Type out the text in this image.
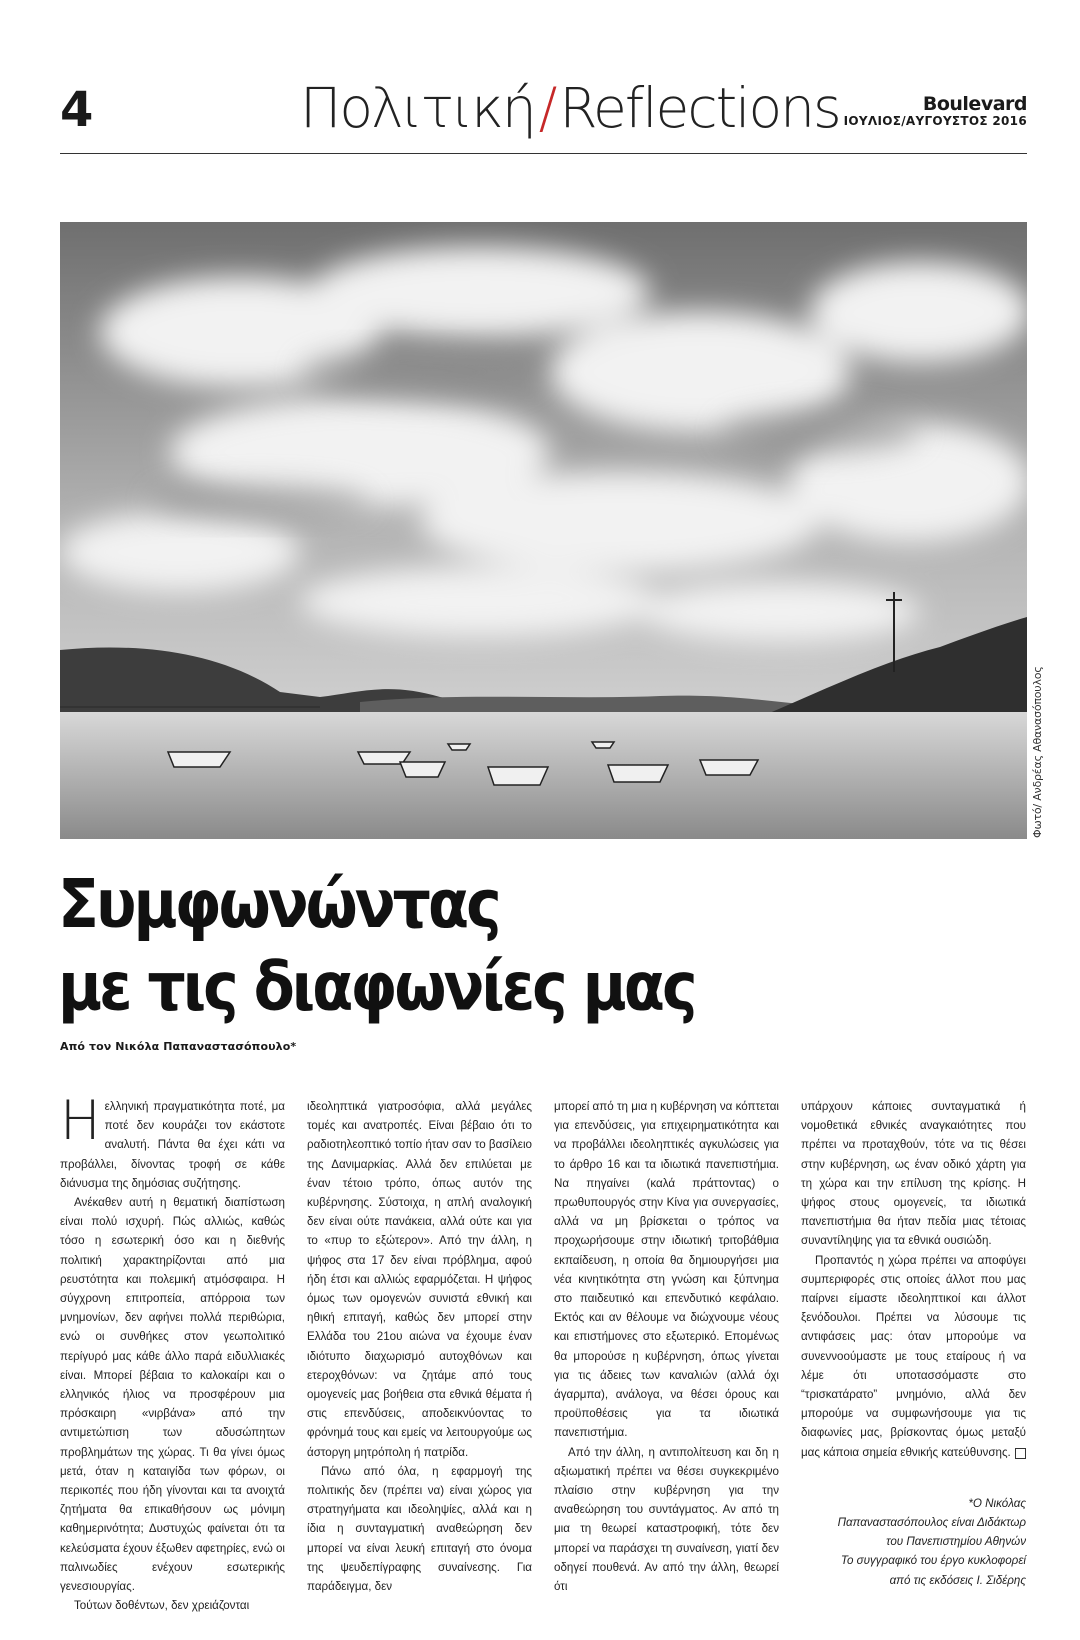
4	Πολιτική/Reflections	Boulevard
ΙΟΥΛΙΟΣ/ΑΥΓΟΥΣΤΟΣ 2016
Φωτό/ Ανδρέας Αθανασόπουλος
Συμφωνώντας
με τις διαφωνίες μας
Από τον Νικόλα Παπαναστασόπουλο*

Ηελληνική πραγματικότητα ποτέ, μα ποτέ δεν κουράζει τον εκάστοτε αναλυτή. Πάντα θα έχει κάτι να προβάλλει, δίνοντας τροφή σε κάθε διάνυσμα της δημόσιας συζήτησης.

Ανέκαθεν αυτή η θεματική διαπίστωση είναι πολύ ισχυρή. Πώς αλλιώς, καθώς τόσο η εσωτερική όσο και η διεθνής πολιτική χαρακτηρίζονται από μια ρευστότητα και πολεμική ατμόσφαιρα. Η σύγχρονη επιτροπεία, απόρροια των μνημονίων, δεν αφήνει πολλά περιθώρια, ενώ οι συνθήκες στον γεωπολιτικό περίγυρό μας κάθε άλλο παρά ειδυλλιακές είναι. Μπορεί βέβαια το καλοκαίρι και ο ελληνικός ήλιος να προσφέρουν μια πρόσκαιρη «νιρβάνα» από την αντιμετώπιση των αδυσώπητων προβλημάτων της χώρας. Τι θα γίνει όμως μετά, όταν η καταιγίδα των φόρων, οι περικοπές που ήδη γίνονται και τα ανοιχτά ζητήματα θα επικαθήσουν ως μόνιμη καθημερινότητα; Δυστυχώς φαίνεται ότι τα κελεύσματα έχουν έξωθεν αφετηρίες, ενώ οι παλινωδίες ενέχουν εσωτερικής γενεσιουργίας.

Τούτων δοθέντων, δεν χρειάζονται

ιδεοληπτικά γιατροσόφια, αλλά μεγάλες τομές και ανατροπές. Είναι βέβαιο ότι το ραδιοτηλεοπτικό τοπίο ήταν σαν το βασίλειο της Δανιμαρκίας. Αλλά δεν επιλύεται με έναν τέτοιο τρόπο, όπως αυτόν της κυβέρνησης. Σύστοιχα, η απλή αναλογική δεν είναι ούτε πανάκεια, αλλά ούτε και για το «πυρ το εξώτερον». Από την άλλη, η ψήφος στα 17 δεν είναι πρόβλημα, αφού ήδη έτσι και αλλιώς εφαρμόζεται. Η ψήφος όμως των ομογενών συνιστά εθνική και ηθική επιταγή, καθώς δεν μπορεί στην Ελλάδα του 21ου αιώνα να έχουμε έναν ιδιότυπο διαχωρισμό αυτοχθόνων και ετεροχθόνων: να ζητάμε από τους ομογενείς μας βοήθεια στα εθνικά θέματα ή στις επενδύσεις, αποδεικνύοντας το φρόνημά τους και εμείς να λειτουργούμε ως άστοργη μητρόπολη ή πατρίδα.

Πάνω από όλα, η εφαρμογή της πολιτικής δεν (πρέπει να) είναι χώρος για στρατηγήματα και ιδεοληψίες, αλλά και η ίδια η συνταγματική αναθεώρηση δεν μπορεί να είναι λευκή επιταγή στο όνομα της ψευδεπίγραφης συναίνεσης. Για παράδειγμα, δεν

μπορεί από τη μια η κυβέρνηση να κόπτεται για επενδύσεις, για επιχειρηματικότητα και να προβάλλει ιδεοληπτικές αγκυλώσεις για το άρθρο 16 και τα ιδιωτικά πανεπιστήμια. Να πηγαίνει (καλά πράττοντας) ο πρωθυπουργός στην Κίνα για συνεργασίες, αλλά να μη βρίσκεται ο τρόπος να προχωρήσουμε στην ιδιωτική τριτοβάθμια εκπαίδευση, η οποία θα δημιουργήσει μια νέα κινητικότητα στη γνώση και ξύπνημα στο παιδευτικό και επενδυτικό κεφάλαιο. Εκτός και αν θέλουμε να διώχνουμε νέους και επιστήμονες στο εξωτερικό. Επομένως θα μπορούσε η κυβέρνηση, όπως γίνεται για τις άδειες των καναλιών (αλλά όχι άγαρμπα), ανάλογα, να θέσει όρους και προϋποθέσεις για τα ιδιωτικά πανεπιστήμια.

Από την άλλη, η αντιπολίτευση και δη η αξιωματική πρέπει να θέσει συγκεκριμένο πλαίσιο στην κυβέρνηση για την αναθεώρηση του συντάγματος. Αν από τη μια τη θεωρεί καταστροφική, τότε δεν μπορεί να παράσχει τη συναίνεση, γιατί δεν οδηγεί πουθενά. Αν από την άλλη, θεωρεί ότι

υπάρχουν κάποιες συνταγματικά ή νομοθετικά εθνικές αναγκαιότητες που πρέπει να προταχθούν, τότε να τις θέσει στην κυβέρνηση, ως έναν οδικό χάρτη για τη χώρα και την επίλυση της κρίσης. Η ψήφος στους ομογενείς, τα ιδιωτικά πανεπιστήμια θα ήταν πεδία μιας τέτοιας συναντίληψης για τα εθνικά ουσιώδη.

Προπαντός η χώρα πρέπει να αποφύγει συμπεριφορές στις οποίες άλλοτ που μας παίρνει είμαστε ιδεοληπτικοί και άλλοτ ξενόδουλοι. Πρέπει να λύσουμε τις αντιφάσεις μας: όταν μπορούμε να συνεννοούμαστε με τους εταίρους ή να λέμε ότι υποτασσόμαστε στο “τρισκατάρατο” μνημόνιο, αλλά δεν μπορούμε να συμφωνήσουμε για τις διαφωνίες μας, βρίσκοντας όμως μεταξύ μας κάποια σημεία εθνικής κατεύθυνσης.

*Ο Νικόλας
Παπαναστασόπουλος είναι Διδάκτωρ
του Πανεπιστημίου Αθηνών
Το συγγραφικό του έργο κυκλοφορεί
από τις εκδόσεις Ι. Σιδέρης
